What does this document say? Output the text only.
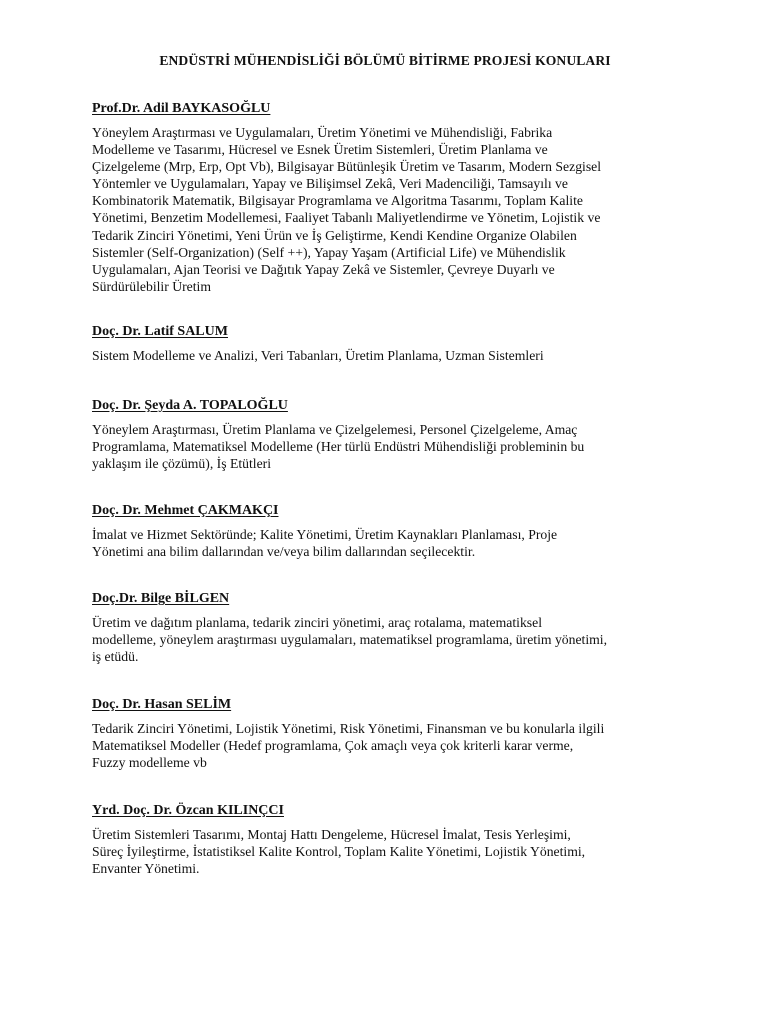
ENDÜSTRİ MÜHENDİSLİĞİ BÖLÜMÜ BİTİRME PROJESİ KONULARI
Prof.Dr. Adil BAYKASOĞLU
Yöneylem Araştırması ve Uygulamaları, Üretim Yönetimi ve Mühendisliği, Fabrika
Modelleme ve Tasarımı, Hücresel ve Esnek Üretim Sistemleri, Üretim Planlama ve
Çizelgeleme (Mrp, Erp, Opt Vb), Bilgisayar Bütünleşik Üretim ve Tasarım, Modern Sezgisel
Yöntemler ve Uygulamaları, Yapay ve Bilişimsel Zekâ, Veri Madenciliği, Tamsayılı ve
Kombinatorik Matematik, Bilgisayar Programlama ve Algoritma Tasarımı, Toplam Kalite
Yönetimi, Benzetim Modellemesi, Faaliyet Tabanlı Maliyetlendirme ve Yönetim, Lojistik ve
Tedarik Zinciri Yönetimi, Yeni Ürün ve İş Geliştirme, Kendi Kendine Organize Olabilen
Sistemler (Self-Organization) (Self ++), Yapay Yaşam (Artificial Life) ve Mühendislik
Uygulamaları, Ajan Teorisi ve Dağıtık Yapay Zekâ ve Sistemler, Çevreye Duyarlı ve
Sürdürülebilir Üretim
Doç. Dr. Latif SALUM
Sistem Modelleme ve Analizi, Veri Tabanları, Üretim Planlama, Uzman Sistemleri
Doç. Dr. Şeyda A. TOPALOĞLU
Yöneylem Araştırması, Üretim Planlama ve Çizelgelemesi, Personel Çizelgeleme, Amaç
Programlama, Matematiksel Modelleme (Her türlü Endüstri Mühendisliği probleminin bu
yaklaşım ile çözümü), İş Etütleri
Doç. Dr. Mehmet ÇAKMAKÇI
İmalat ve Hizmet Sektöründe; Kalite Yönetimi, Üretim Kaynakları Planlaması, Proje
Yönetimi ana bilim dallarından ve/veya bilim dallarından seçilecektir.
Doç.Dr. Bilge BİLGEN
Üretim ve dağıtım planlama, tedarik zinciri yönetimi, araç rotalama, matematiksel
modelleme, yöneylem araştırması uygulamaları, matematiksel programlama, üretim yönetimi,
iş etüdü.
Doç. Dr. Hasan SELİM
Tedarik Zinciri Yönetimi, Lojistik Yönetimi, Risk Yönetimi, Finansman ve bu konularla ilgili
Matematiksel Modeller (Hedef programlama, Çok amaçlı veya çok kriterli karar verme,
Fuzzy modelleme vb
Yrd. Doç. Dr. Özcan KILINÇCI
Üretim Sistemleri Tasarımı, Montaj Hattı Dengeleme, Hücresel İmalat, Tesis Yerleşimi,
Süreç İyileştirme, İstatistiksel Kalite Kontrol, Toplam Kalite Yönetimi, Lojistik Yönetimi,
Envanter Yönetimi.
